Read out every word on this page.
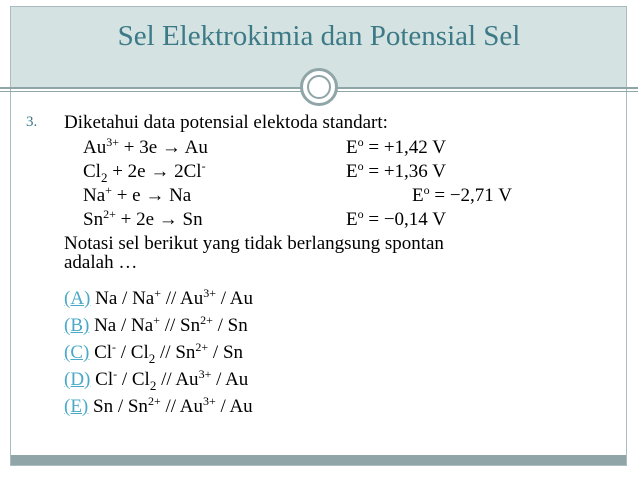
Sel Elektrokimia dan Potensial Sel
3. Diketahui data potensial elektoda standart:
$Au^{3+} + 3e \to Au$	$E^o = +1,42$ V
$Cl_2 + 2e \to 2Cl^-$	$E^o = +1,36$ V
Na+ + e → Na	$E^o = -2,71$ V
$Sn^{2+} + 2e \to Sn$	$E^o = -0,14$ V
Notasi sel berikut yang tidak berlangsung spontan
adalah …
(A) Na / $Na^+ // Au^{3+}$ / Au
(B) Na / $Na^+ // Sn^{2+}$ / Sn
(C) $Cl^- / Cl_2 // Sn^{2+}$ / Sn
(D) $Cl^- / Cl_2 // Au^{3+}$ / Au
(E) Sn / $Sn^{2+} // Au^{3+}$ / Au
